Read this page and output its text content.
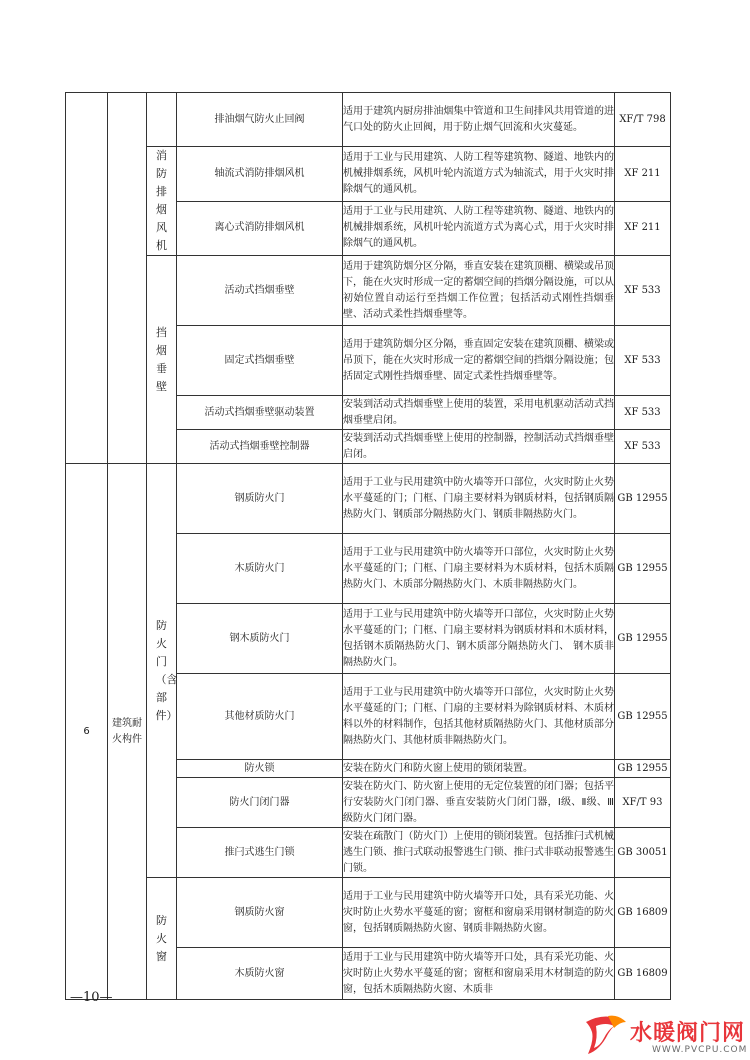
			排油烟气防火止回阀	适用于建筑内厨房排油烟集中管道和卫生间排风共用管道的进气口处的防火止回阀，用于防止烟气回流和火灾蔓延。	XF/T 798
		消防排烟风机	轴流式消防排烟风机	适用于工业与民用建筑、人防工程等建筑物、隧道、地铁内的机械排烟系统，风机叶轮内流道方式为轴流式，用于火灾时排除烟气的通风机。	XF 211
			离心式消防排烟风机	适用于工业与民用建筑、人防工程等建筑物、隧道、地铁内的机械排烟系统，风机叶轮内流道方式为离心式，用于火灾时排除烟气的通风机。	XF 211
		挡烟垂壁	活动式挡烟垂壁	适用于建筑防烟分区分隔，垂直安装在建筑顶棚、横梁或吊顶下，能在火灾时形成一定的蓄烟空间的挡烟分隔设施，可以从初始位置自动运行至挡烟工作位置；包括活动式刚性挡烟垂壁、活动式柔性挡烟垂壁等。	XF 533
			固定式挡烟垂壁	适用于建筑防烟分区分隔，垂直固定安装在建筑顶棚、横梁或吊顶下，能在火灾时形成一定的蓄烟空间的挡烟分隔设施；包括固定式刚性挡烟垂壁、固定式柔性挡烟垂壁等。	XF 533
			活动式挡烟垂壁驱动装置	安装到活动式挡烟垂壁上使用的装置，采用电机驱动活动式挡烟垂壁启闭。	XF 533
			活动式挡烟垂壁控制器	安装到活动式挡烟垂壁上使用的控制器，控制活动式挡烟垂壁启闭。	XF 533
6	建筑耐火构件	防火门（含部件）	钢质防火门	适用于工业与民用建筑中防火墙等开口部位，火灾时防止火势水平蔓延的门；门框、门扇主要材料为钢质材料，包括钢质隔热防火门、钢质部分隔热防火门、钢质非隔热防火门。	GB 12955
			木质防火门	适用于工业与民用建筑中防火墙等开口部位，火灾时防止火势水平蔓延的门；门框、门扇主要材料为木质材料，包括木质隔热防火门、木质部分隔热防火门、木质非隔热防火门。	GB 12955
			钢木质防火门	适用于工业与民用建筑中防火墙等开口部位，火灾时防止火势水平蔓延的门；门框、门扇主要材料为钢质材料和木质材料，包括钢木质隔热防火门、钢木质部分隔热防火门、 钢木质非隔热防火门。	GB 12955
			其他材质防火门	适用于工业与民用建筑中防火墙等开口部位，火灾时防止火势水平蔓延的门；门框、门扇的主要材料为除钢质材料、木质材料以外的材料制作，包括其他材质隔热防火门、其他材质部分隔热防火门、其他材质非隔热防火门。	GB 12955
			防火锁	安装在防火门和防火窗上使用的锁闭装置。	GB 12955
			防火门闭门器	安装在防火门、防火窗上使用的无定位装置的闭门器；包括平行安装防火门闭门器、垂直安装防火门闭门器，Ⅰ级、Ⅱ级、Ⅲ级防火门闭门器。	XF/T 93
			推闩式逃生门锁	安装在疏散门（防火门）上使用的锁闭装置。包括推闩式机械逃生门锁、推闩式联动报警逃生门锁、推闩式非联动报警逃生门锁。	GB 30051
		防火窗	钢质防火窗	适用于工业与民用建筑中防火墙等开口处，具有采光功能、火灾时防止火势水平蔓延的窗；窗框和窗扇采用钢材制造的防火窗，包括钢质隔热防火窗、钢质非隔热防火窗。	GB 16809
			木质防火窗	适用于工业与民用建筑中防火墙等开口处，具有采光功能、火灾时防止火势水平蔓延的窗；窗框和窗扇采用木材制造的防火窗，包括木质隔热防火窗、木质非	GB 16809
—10—
水暖阀门网
WWW.PVCPU.COM
